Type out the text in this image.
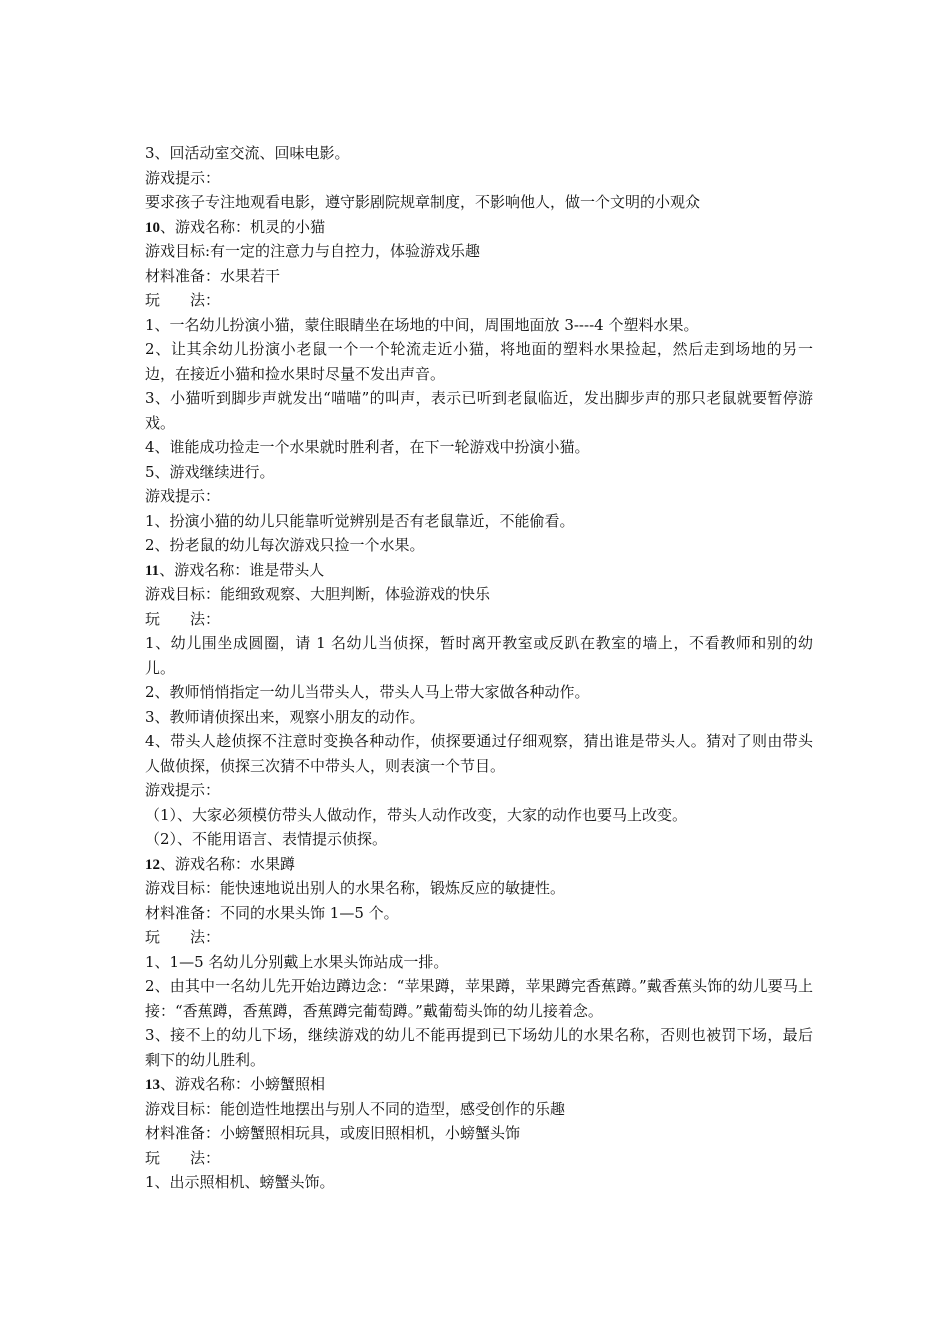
3、回活动室交流、回味电影。
游戏提示：
要求孩子专注地观看电影，遵守影剧院规章制度，不影响他人，做一个文明的小观众
10、游戏名称：机灵的小猫
游戏目标:有一定的注意力与自控力，体验游戏乐趣
材料准备：水果若干
玩　　法：
1、一名幼儿扮演小猫，蒙住眼睛坐在场地的中间，周围地面放 3----4 个塑料水果。
2、让其余幼儿扮演小老鼠一个一个轮流走近小猫，将地面的塑料水果捡起，然后走到场地的另一边，在接近小猫和捡水果时尽量不发出声音。
3、小猫听到脚步声就发出“喵喵”的叫声，表示已听到老鼠临近，发出脚步声的那只老鼠就要暂停游戏。
4、谁能成功捡走一个水果就时胜利者，在下一轮游戏中扮演小猫。
5、游戏继续进行。
游戏提示：
1、扮演小猫的幼儿只能靠听觉辨别是否有老鼠靠近，不能偷看。
2、扮老鼠的幼儿每次游戏只捡一个水果。
11、游戏名称：谁是带头人
游戏目标：能细致观察、大胆判断，体验游戏的快乐
玩　　法：
1、幼儿围坐成圆圈，请 1 名幼儿当侦探，暂时离开教室或反趴在教室的墙上，不看教师和别的幼儿。
2、教师悄悄指定一幼儿当带头人，带头人马上带大家做各种动作。
3、教师请侦探出来，观察小朋友的动作。
4、带头人趁侦探不注意时变换各种动作，侦探要通过仔细观察，猜出谁是带头人。猜对了则由带头人做侦探，侦探三次猜不中带头人，则表演一个节目。
游戏提示：
（1）、大家必须模仿带头人做动作，带头人动作改变，大家的动作也要马上改变。
（2）、不能用语言、表情提示侦探。
12、游戏名称：水果蹲
游戏目标：能快速地说出别人的水果名称，锻炼反应的敏捷性。
材料准备：不同的水果头饰 1—5 个。
玩　　法：
1、1—5 名幼儿分别戴上水果头饰站成一排。
2、由其中一名幼儿先开始边蹲边念：“苹果蹲，苹果蹲，苹果蹲完香蕉蹲。”戴香蕉头饰的幼儿要马上接：“香蕉蹲，香蕉蹲，香蕉蹲完葡萄蹲。”戴葡萄头饰的幼儿接着念。
3、接不上的幼儿下场，继续游戏的幼儿不能再提到已下场幼儿的水果名称，否则也被罚下场，最后剩下的幼儿胜利。
13、游戏名称：小螃蟹照相
游戏目标：能创造性地摆出与别人不同的造型，感受创作的乐趣
材料准备：小螃蟹照相玩具，或废旧照相机，小螃蟹头饰
玩　　法：
1、出示照相机、螃蟹头饰。
